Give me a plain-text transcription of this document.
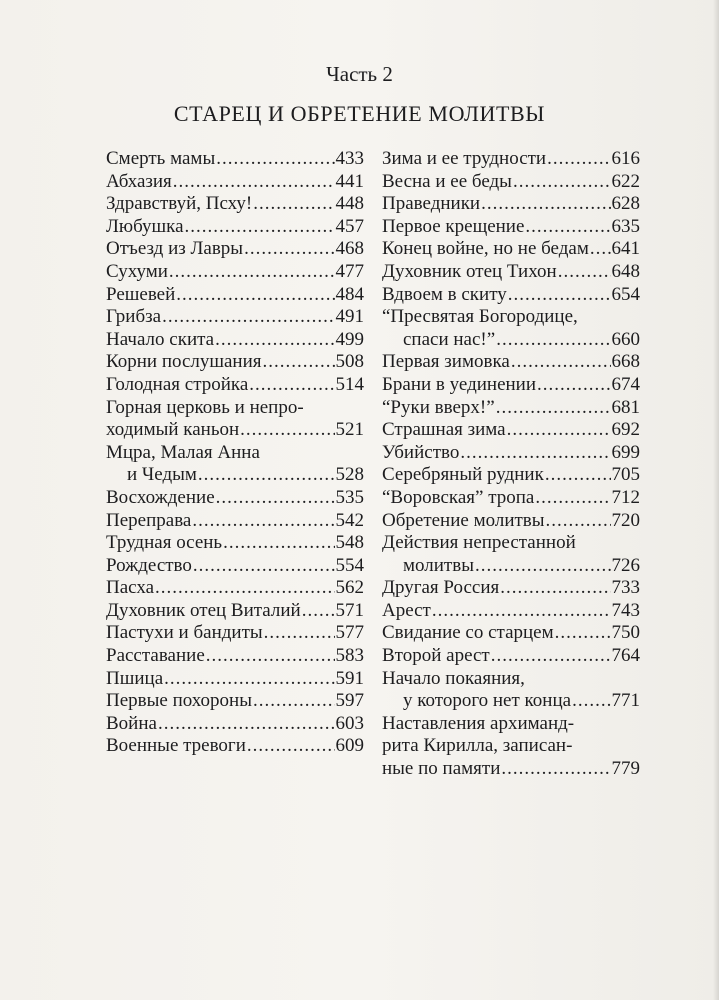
Часть 2
СТАРЕЦ И ОБРЕТЕНИЕ МОЛИТВЫ
Смерть мамы .....	433
Абхазия .....	441
Здравствуй, Псху! .....	448
Любушка .....	457
Отъезд из Лавры .....	468
Сухуми .....	477
Решевей .....	484
Грибза .....	491
Начало скита .....	499
Корни послушания .....	508
Голодная стройка .....	514
Горная церковь и непро-
ходимый каньон .....	521
Мцра, Малая Анна
и Чедым .....	528
Восхождение .....	535
Переправа .....	542
Трудная осень .....	548
Рождество .....	554
Пасха .....	562
Духовник отец Виталий ..... 571
Пастухи и бандиты .....	577
Расставание .....	583
Пшица .....	591
Первые похороны .....	597
Война .....	603
Военные тревоги .....	609
Зима и ее трудности .....	616
Весна и ее беды .....	622
Праведники .....	628
Первое крещение .....	635
Конец войне, но не бедам ..... 641
Духовник отец Тихон .....	648
Вдвоем в скиту .....	654
“Пресвятая Богородице,
спаси нас!” .....	660
Первая зимовка .....	668
Брани в уединении .....	674
“Руки вверх!” .....	681
Страшная зима .....	692
Убийство .....	699
Серебряный рудник .....	705
“Воровская” тропа .....	712
Обретение молитвы .....	720
Действия непрестанной
молитвы .....	726
Другая Россия .....	733
Арест .....	743
Свидание со старцем .....	750
Второй арест .....	764
Начало покаяния,
у которого нет конца ..... 771
Наставления архиманд-
рита Кирилла, записан-
ные по памяти .....	779
